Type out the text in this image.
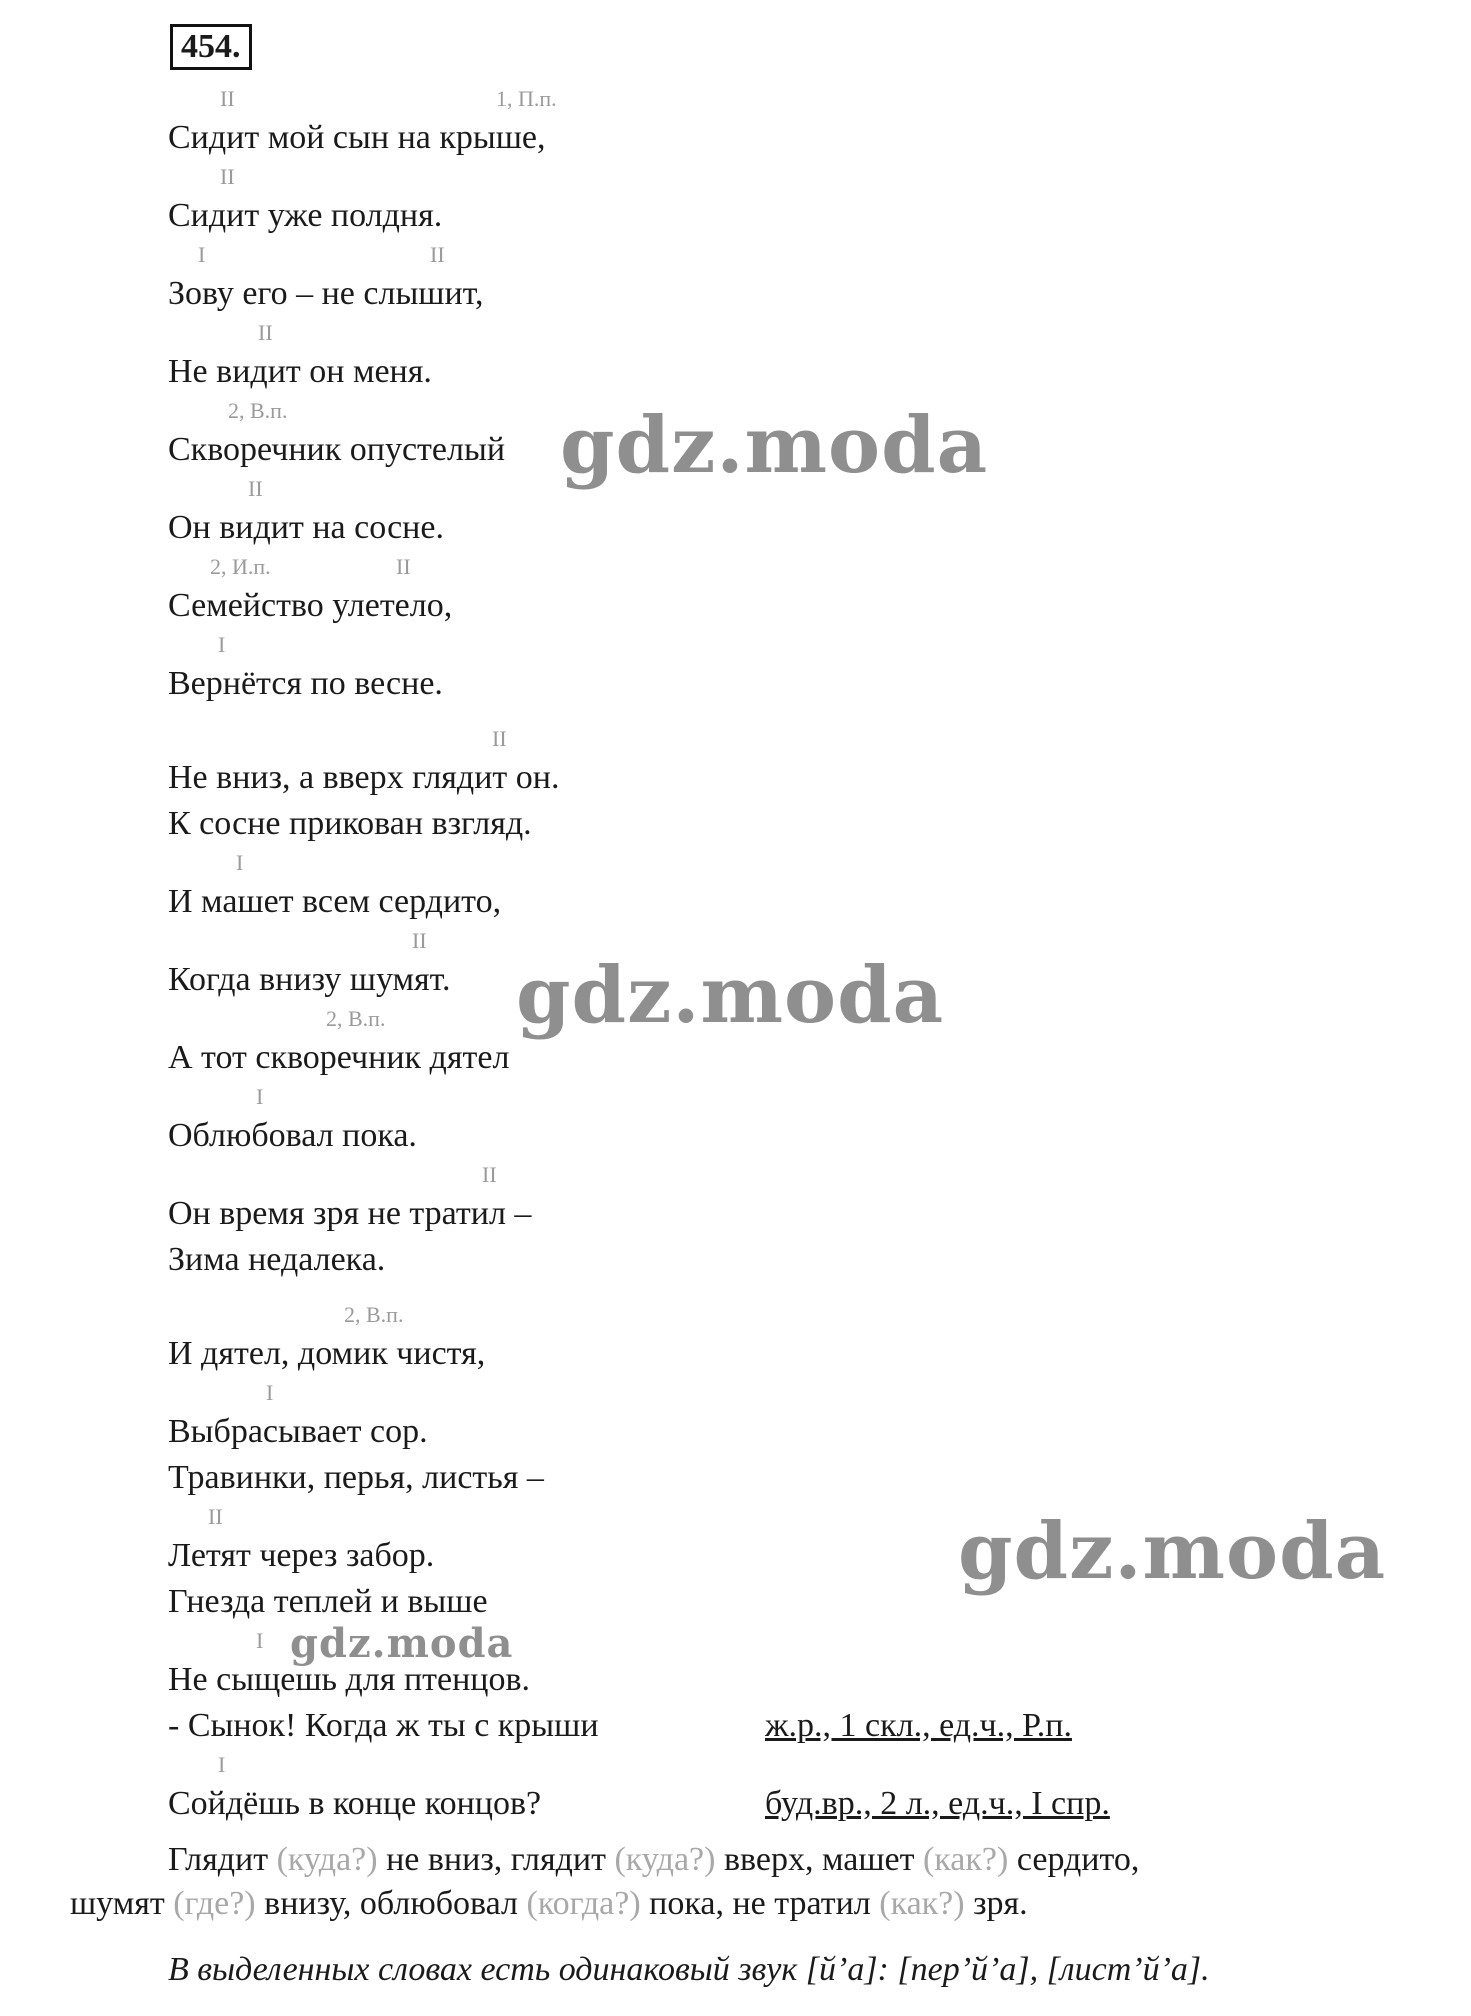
454.
II	1, П.п.
II
I	II
II
2, В.п.
II
2, И.п.	II
I
II
I
II
2, В.п.
I
II
2, В.п.
I
II
I
I
Сидит мой сын на крыше,
Сидит уже полдня.
Зову его – не слышит,
Не видит он меня.
Скворечник опустелый
Он видит на сосне.
Семейство улетело,
Вернётся по весне.
Не вниз, а вверх глядит он.
К сосне прикован взгляд.
И машет всем сердито,
Когда внизу шумят.
А тот скворечник дятел
Облюбовал пока.
Он время зря не тратил –
Зима недалека.
И дятел, домик чистя,
Выбрасывает сор.
Травинки, перья, листья –
Летят через забор.
Гнезда теплей и выше
Не сыщешь для птенцов.
- Сынок! Когда ж ты с крыши
Сойдёшь в конце концов?
ж.р., 1 скл., ед.ч., Р.п.
буд.вр., 2 л., ед.ч., I спр.
Глядит (куда?) не вниз, глядит (куда?) вверх, машет (как?) сердито,
шумят (где?) внизу, облюбовал (когда?) пока, не тратил (как?) зря.
В выделенных словах есть одинаковый звук [й’а]: [пер’й’а], [лист’й’а].
gdz.moda
gdz.moda
gdz.moda
gdz.moda
